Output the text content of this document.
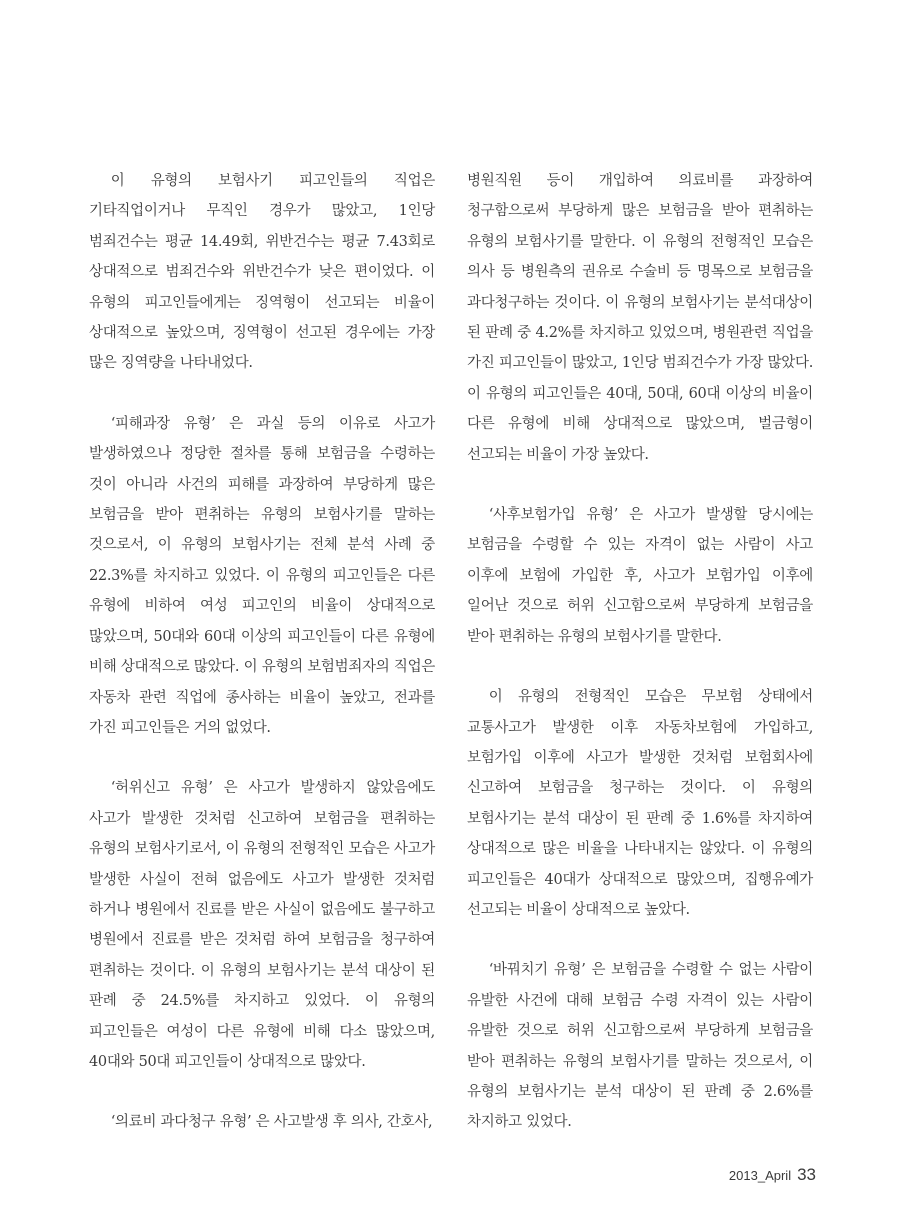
이 유형의 보험사기 피고인들의 직업은 기타직업이거나 무직인 경우가 많았고, 1인당 범죄건수는 평균 14.49회, 위반건수는 평균 7.43회로 상대적으로 범죄건수와 위반건수가 낮은 편이었다. 이 유형의 피고인들에게는 징역형이 선고되는 비율이 상대적으로 높았으며, 징역형이 선고된 경우에는 가장 많은 징역량을 나타내었다.

‘피해과장 유형’ 은 과실 등의 이유로 사고가 발생하였으나 정당한 절차를 통해 보험금을 수령하는 것이 아니라 사건의 피해를 과장하여 부당하게 많은 보험금을 받아 편취하는 유형의 보험사기를 말하는 것으로서, 이 유형의 보험사기는 전체 분석 사례 중 22.3%를 차지하고 있었다. 이 유형의 피고인들은 다른 유형에 비하여 여성 피고인의 비율이 상대적으로 많았으며, 50대와 60대 이상의 피고인들이 다른 유형에 비해 상대적으로 많았다. 이 유형의 보험범죄자의 직업은 자동차 관련 직업에 종사하는 비율이 높았고, 전과를 가진 피고인들은 거의 없었다.

‘허위신고 유형’ 은 사고가 발생하지 않았음에도 사고가 발생한 것처럼 신고하여 보험금을 편취하는 유형의 보험사기로서, 이 유형의 전형적인 모습은 사고가 발생한 사실이 전혀 없음에도 사고가 발생한 것처럼 하거나 병원에서 진료를 받은 사실이 없음에도 불구하고 병원에서 진료를 받은 것처럼 하여 보험금을 청구하여 편취하는 것이다. 이 유형의 보험사기는 분석 대상이 된 판례 중 24.5%를 차지하고 있었다. 이 유형의 피고인들은 여성이 다른 유형에 비해 다소 많았으며, 40대와 50대 피고인들이 상대적으로 많았다.

‘의료비 과다청구 유형’ 은 사고발생 후 의사, 간호사,

병원직원 등이 개입하여 의료비를 과장하여 청구함으로써 부당하게 많은 보험금을 받아 편취하는 유형의 보험사기를 말한다. 이 유형의 전형적인 모습은 의사 등 병원측의 권유로 수술비 등 명목으로 보험금을 과다청구하는 것이다. 이 유형의 보험사기는 분석대상이 된 판례 중 4.2%를 차지하고 있었으며, 병원관련 직업을 가진 피고인들이 많았고, 1인당 범죄건수가 가장 많았다. 이 유형의 피고인들은 40대, 50대, 60대 이상의 비율이 다른 유형에 비해 상대적으로 많았으며, 벌금형이 선고되는 비율이 가장 높았다.

‘사후보험가입 유형’ 은 사고가 발생할 당시에는 보험금을 수령할 수 있는 자격이 없는 사람이 사고 이후에 보험에 가입한 후, 사고가 보험가입 이후에 일어난 것으로 허위 신고함으로써 부당하게 보험금을 받아 편취하는 유형의 보험사기를 말한다.

이 유형의 전형적인 모습은 무보험 상태에서 교통사고가 발생한 이후 자동차보험에 가입하고, 보험가입 이후에 사고가 발생한 것처럼 보험회사에 신고하여 보험금을 청구하는 것이다. 이 유형의 보험사기는 분석 대상이 된 판례 중 1.6%를 차지하여 상대적으로 많은 비율을 나타내지는 않았다. 이 유형의 피고인들은 40대가 상대적으로 많았으며, 집행유예가 선고되는 비율이 상대적으로 높았다.

‘바꿔치기 유형’ 은 보험금을 수령할 수 없는 사람이 유발한 사건에 대해 보험금 수령 자격이 있는 사람이 유발한 것으로 허위 신고함으로써 부당하게 보험금을 받아 편취하는 유형의 보험사기를 말하는 것으로서, 이 유형의 보험사기는 분석 대상이 된 판례 중 2.6%를 차지하고 있었다.

2013_April 33
